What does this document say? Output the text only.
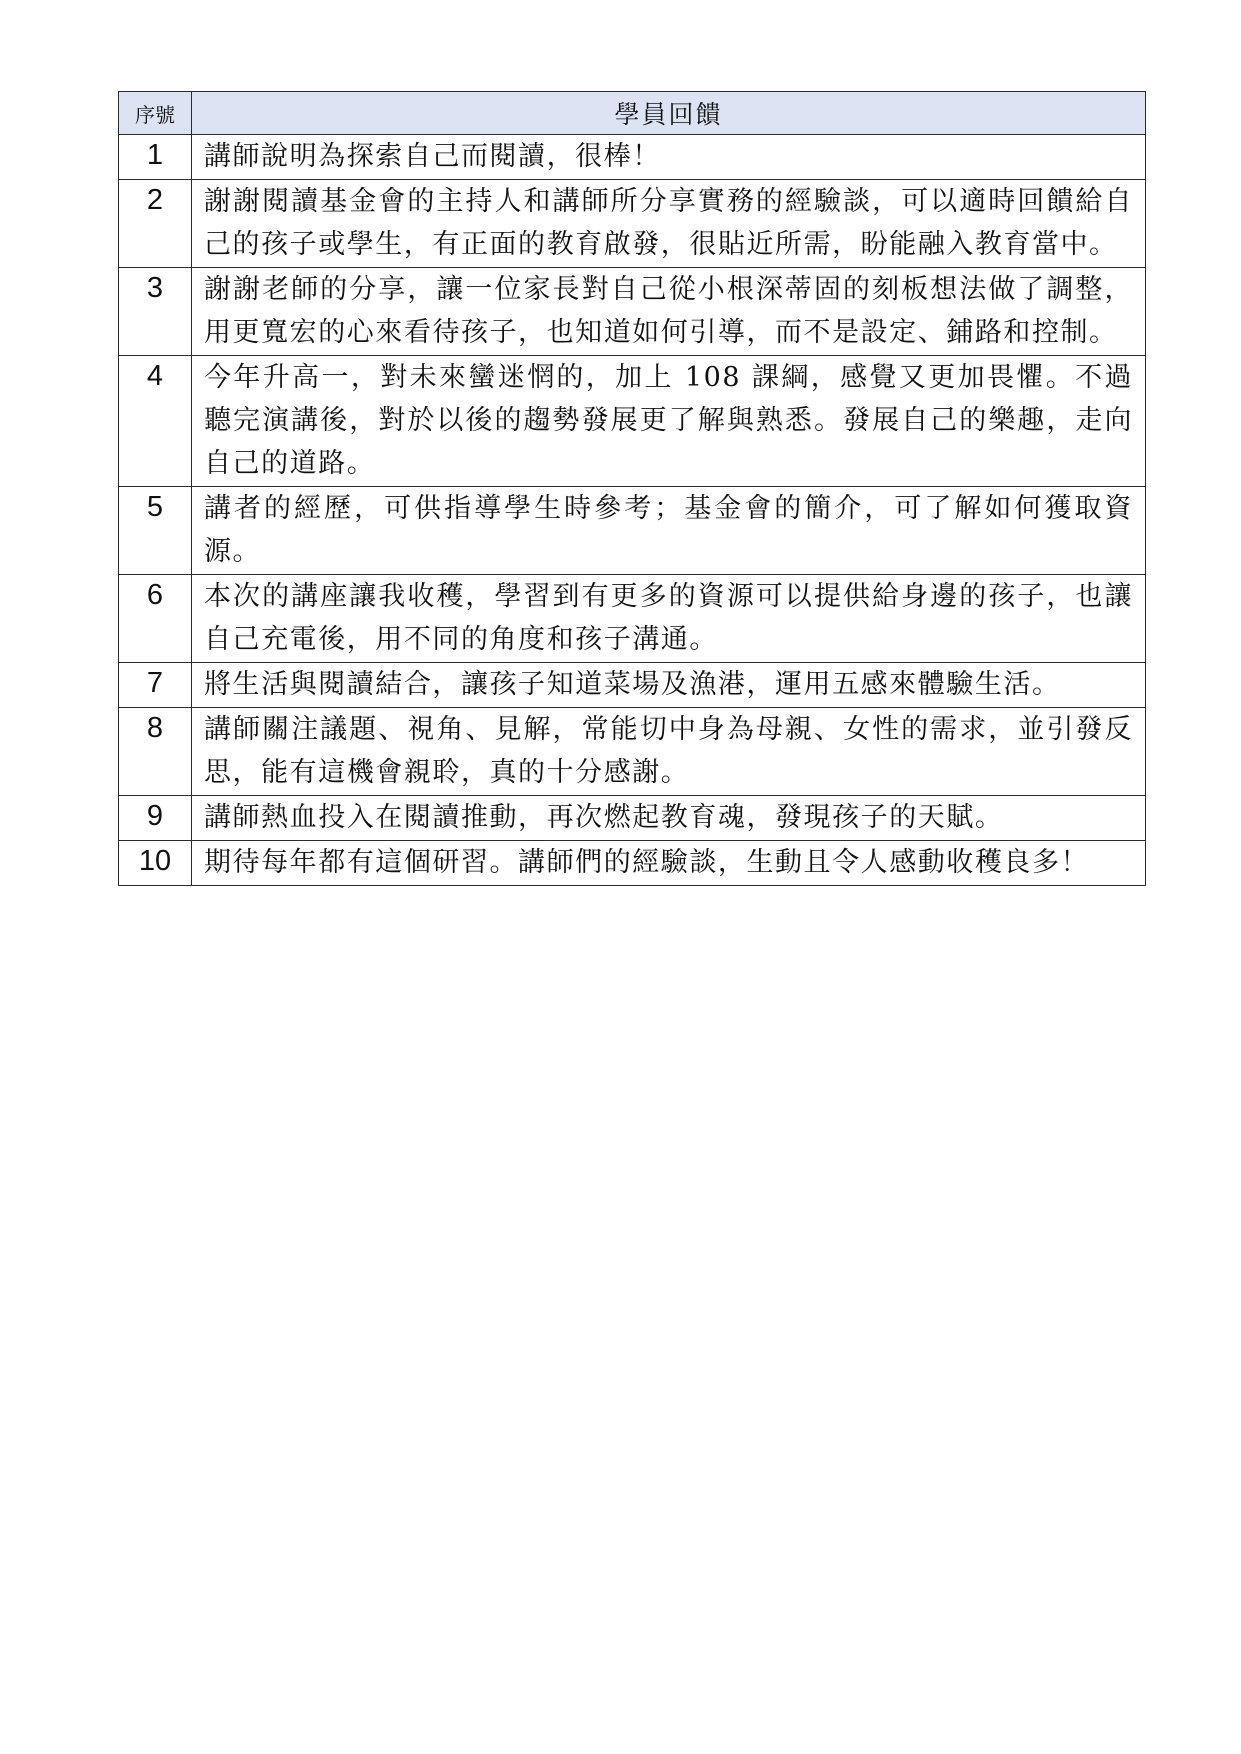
序號	學員回饋
1	講師說明為探索自己而閱讀，很棒！
2	謝謝閱讀基金會的主持人和講師所分享實務的經驗談，可以適時回饋給自己的孩子或學生，有正面的教育啟發，很貼近所需，盼能融入教育當中。
3	謝謝老師的分享，讓一位家長對自己從小根深蒂固的刻板想法做了調整，用更寬宏的心來看待孩子，也知道如何引導，而不是設定、鋪路和控制。
4	今年升高一，對未來蠻迷惘的，加上 108 課綱，感覺又更加畏懼。不過聽完演講後，對於以後的趨勢發展更了解與熟悉。發展自己的樂趣，走向自己的道路。
5	講者的經歷，可供指導學生時參考；基金會的簡介，可了解如何獲取資源。
6	本次的講座讓我收穫，學習到有更多的資源可以提供給身邊的孩子，也讓自己充電後，用不同的角度和孩子溝通。
7	將生活與閱讀結合，讓孩子知道菜場及漁港，運用五感來體驗生活。
8	講師關注議題、視角、見解，常能切中身為母親、女性的需求，並引發反思，能有這機會親聆，真的十分感謝。
9	講師熱血投入在閱讀推動，再次燃起教育魂，發現孩子的天賦。
10	期待每年都有這個研習。講師們的經驗談，生動且令人感動收穫良多！
